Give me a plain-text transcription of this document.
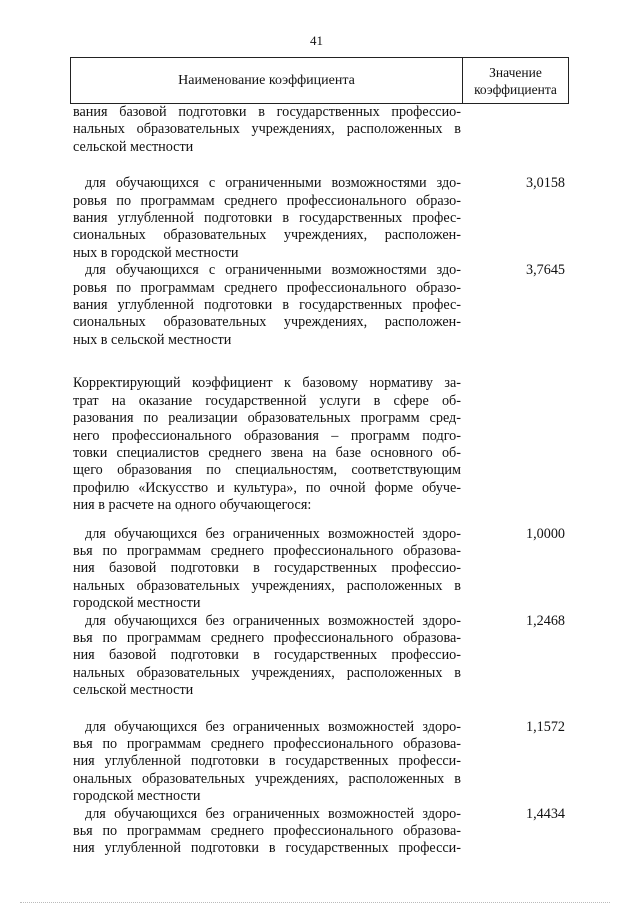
41
Наименование коэффициента
Значение
коэффициента
вания базовой подготовки в государственных профессио-
нальных образовательных учреждениях, расположенных в
сельской местности
для обучающихся с ограниченными возможностями здо-
ровья по программам среднего профессионального образо-
вания углубленной подготовки в государственных профес-
сиональных образовательных учреждениях, расположен-
ных в городской местности
3,0158
для обучающихся с ограниченными возможностями здо-
ровья по программам среднего профессионального образо-
вания углубленной подготовки в государственных профес-
сиональных образовательных учреждениях, расположен-
ных в сельской местности
3,7645
Корректирующий коэффициент к базовому нормативу за-
трат на оказание государственной услуги в сфере об-
разования по реализации образовательных программ сред-
него профессионального образования – программ подго-
товки специалистов среднего звена на базе основного об-
щего образования по специальностям, соответствующим
профилю «Искусство и культура», по очной форме обуче-
ния в расчете на одного обучающегося:
для обучающихся без ограниченных возможностей здоро-
вья по программам среднего профессионального образова-
ния базовой подготовки в государственных профессио-
нальных образовательных учреждениях, расположенных в
городской местности
1,0000
для обучающихся без ограниченных возможностей здоро-
вья по программам среднего профессионального образова-
ния базовой подготовки в государственных профессио-
нальных образовательных учреждениях, расположенных в
сельской местности
1,2468
для обучающихся без ограниченных возможностей здоро-
вья по программам среднего профессионального образова-
ния углубленной подготовки в государственных професси-
ональных образовательных учреждениях, расположенных в
городской местности
1,1572
для обучающихся без ограниченных возможностей здоро-
вья по программам среднего профессионального образова-
ния углубленной подготовки в государственных професси-
1,4434
